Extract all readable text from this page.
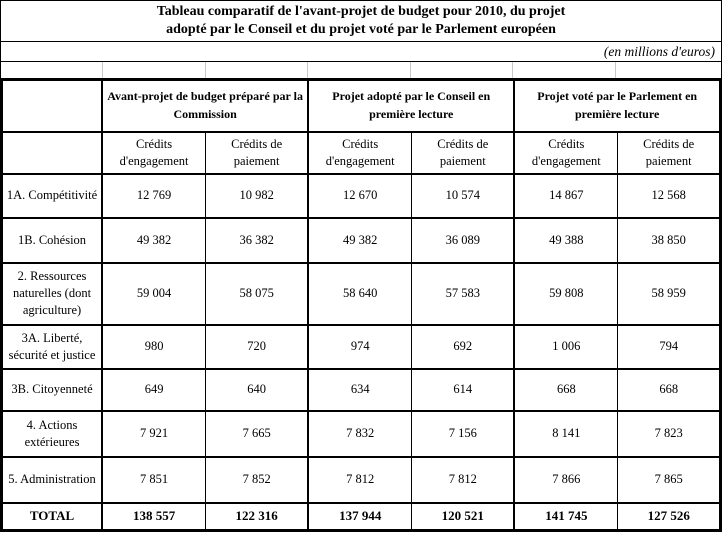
Tableau comparatif de l'avant-projet de budget pour 2010, du projet
adopté par le Conseil et du projet voté par le Parlement européen
(en millions d'euros)
	Avant-projet de budget préparé par la Commission		Projet adopté par le Conseil en première lecture		Projet voté par le Parlement en première lecture	
	Crédits d'engagement	Crédits de paiement	Crédits d'engagement	Crédits de paiement	Crédits d'engagement	Crédits de paiement
1A. Compétitivité	12 769	10 982	12 670	10 574	14 867	12 568
1B. Cohésion	49 382	36 382	49 382	36 089	49 388	38 850
2. Ressources naturelles (dont agriculture)	59 004	58 075	58 640	57 583	59 808	58 959
3A. Liberté, sécurité et justice	980	720	974	692	1 006	794
3B. Citoyenneté	649	640	634	614	668	668
4. Actions extérieures	7 921	7 665	7 832	7 156	8 141	7 823
5. Administration	7 851	7 852	7 812	7 812	7 866	7 865
TOTAL	138 557	122 316	137 944	120 521	141 745	127 526
